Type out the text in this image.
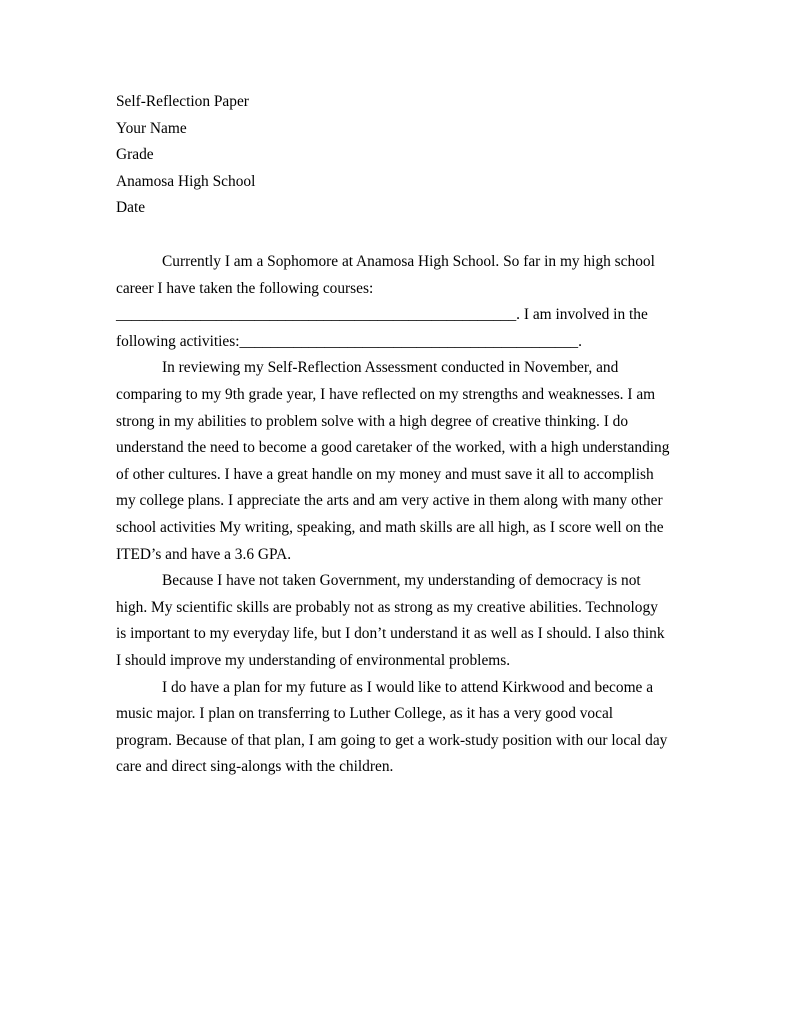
Self-Reflection Paper
Your Name
Grade
Anamosa High School
Date
Currently I am a Sophomore at Anamosa High School. So far in my high school
career I have taken the following courses:
____________________________________________________. I am involved in the
following activities:____________________________________________.
In reviewing my Self-Reflection Assessment conducted in November, and
comparing to my 9th grade year, I have reflected on my strengths and weaknesses. I am
strong in my abilities to problem solve with a high degree of creative thinking. I do
understand the need to become a good caretaker of the worked, with a high understanding
of other cultures. I have a great handle on my money and must save it all to accomplish
my college plans. I appreciate the arts and am very active in them along with many other
school activities My writing, speaking, and math skills are all high, as I score well on the
ITED’s and have a 3.6 GPA.
Because I have not taken Government, my understanding of democracy is not
high. My scientific skills are probably not as strong as my creative abilities. Technology
is important to my everyday life, but I don’t understand it as well as I should. I also think
I should improve my understanding of environmental problems.
I do have a plan for my future as I would like to attend Kirkwood and become a
music major. I plan on transferring to Luther College, as it has a very good vocal
program. Because of that plan, I am going to get a work-study position with our local day
care and direct sing-alongs with the children.
